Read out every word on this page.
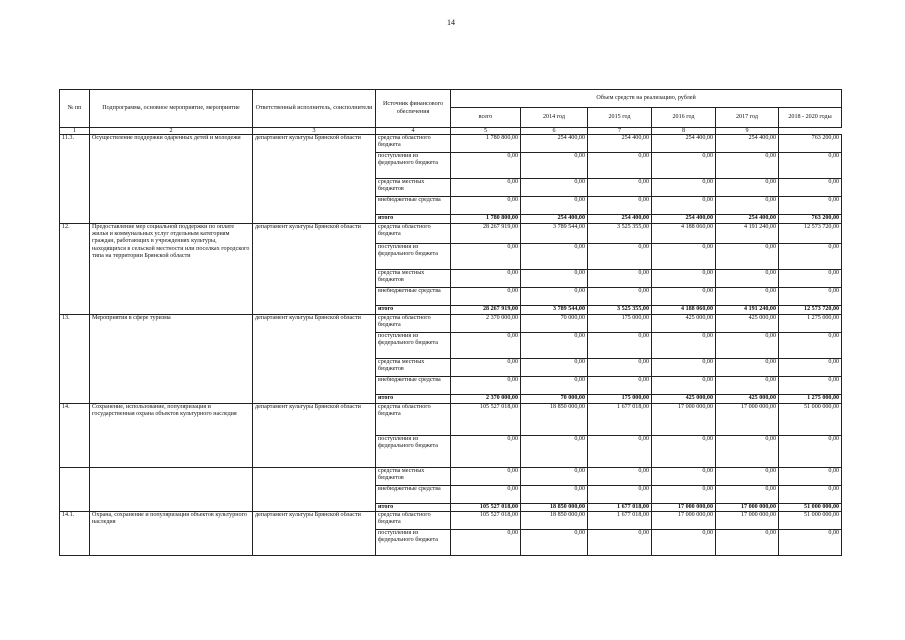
14
№ пп	Подпрограмма, основное мероприятие, мероприятие	Ответственный исполнитель, соисполнители	Источник финансового обеспечения	Объем средств на реализацию, рублей					
				всего	2014 год	2015 год	2016 год	2017 год	2018 - 2020 годы
1	2	3	4	5	6	7	8	9	
11.3.	Осуществление поддержки одаренных детей и молодежи	департамент культуры Брянской области	средства областного бюджета	1 780 800,00	254 400,00	254 400,00	254 400,00	254 400,00	763 200,00
			поступления из федерального бюджета	0,00	0,00	0,00	0,00	0,00	0,00
			средства местных бюджетов	0,00	0,00	0,00	0,00	0,00	0,00
			внебюджетные средства	0,00	0,00	0,00	0,00	0,00	0,00
			итого	1 780 800,00	254 400,00	254 400,00	254 400,00	254 400,00	763 200,00
12.	Предоставление мер социальной поддержки по оплате жилья и коммунальных услуг отдельным категориям граждан, работающих в учреждениях культуры, находящихся в сельской местности или поселках городского типа на территории Брянской области	департамент культуры Брянской области	средства областного бюджета	28 267 919,00	3 789 544,00	3 525 355,00	4 188 060,00	4 191 240,00	12 573 720,00
			поступления из федерального бюджета	0,00	0,00	0,00	0,00	0,00	0,00
			средства местных бюджетов	0,00	0,00	0,00	0,00	0,00	0,00
			внебюджетные средства	0,00	0,00	0,00	0,00	0,00	0,00
			итого	28 267 919,00	3 789 544,00	3 525 355,00	4 188 060,00	4 191 240,00	12 573 720,00
13.	Мероприятия в сфере туризма	департамент культуры Брянской области	средства областного бюджета	2 370 000,00	70 000,00	175 000,00	425 000,00	425 000,00	1 275 000,00
			поступления из федерального бюджета	0,00	0,00	0,00	0,00	0,00	0,00
			средства местных бюджетов	0,00	0,00	0,00	0,00	0,00	0,00
			внебюджетные средства	0,00	0,00	0,00	0,00	0,00	0,00
			итого	2 370 000,00	70 000,00	175 000,00	425 000,00	425 000,00	1 275 000,00
14.	Сохранение, использование, популяризация и государственная охрана объектов культурного наследия	департамент культуры Брянской области	средства областного бюджета	105 527 018,00	18 850 000,00	1 677 018,00	17 000 000,00	17 000 000,00	51 000 000,00
			поступления из федерального бюджета	0,00	0,00	0,00	0,00	0,00	0,00
			средства местных бюджетов	0,00	0,00	0,00	0,00	0,00	0,00
			внебюджетные средства	0,00	0,00	0,00	0,00	0,00	0,00
			итого	105 527 018,00	18 850 000,00	1 677 018,00	17 000 000,00	17 000 000,00	51 000 000,00
14.1.	Охрана, сохранение и популяризация объектов культурного наследия	департамент культуры Брянской области	средства областного бюджета	105 527 018,00	18 850 000,00	1 677 018,00	17 000 000,00	17 000 000,00	51 000 000,00
			поступления из федерального бюджета	0,00	0,00	0,00	0,00	0,00	0,00
